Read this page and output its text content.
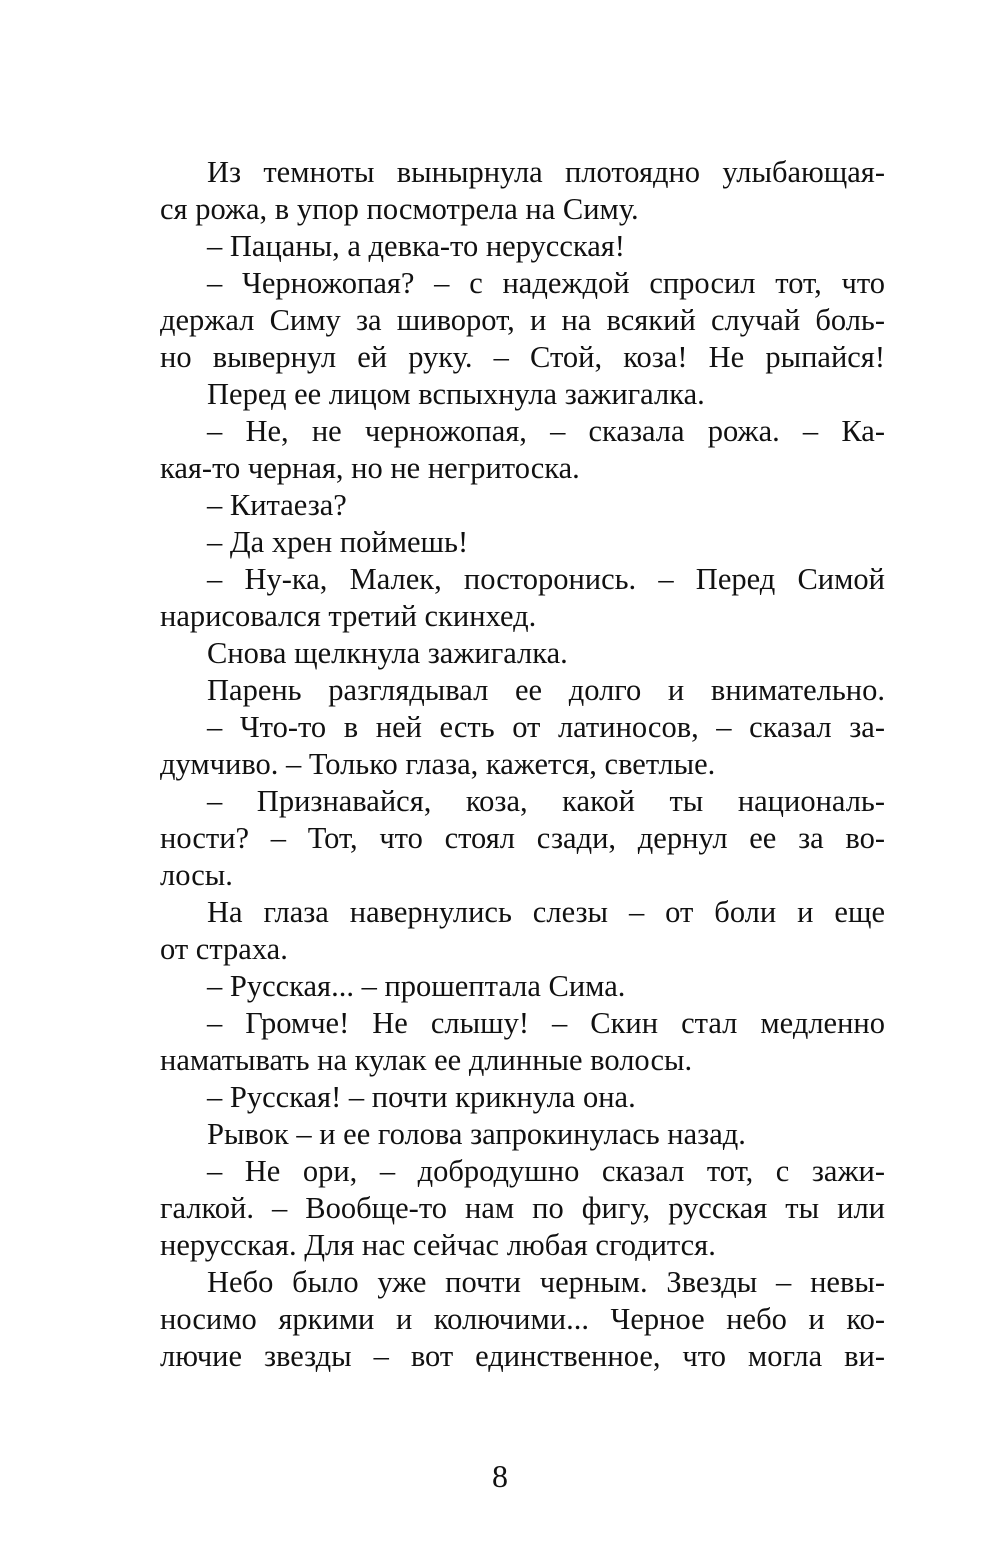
Из темноты вынырнула плотоядно улыбающая-
ся рожа, в упор посмотрела на Симу.
– Пацаны, а девка-то нерусская!
– Черножопая? – с надеждой спросил тот, что
держал Симу за шиворот, и на всякий случай боль-
но вывернул ей руку. – Стой, коза! Не рыпайся!
Перед ее лицом вспыхнула зажигалка.
– Не, не черножопая, – сказала рожа. – Ка-
кая-то черная, но не негритоска.
– Китаеза?
– Да хрен поймешь!
– Ну-ка, Малек, посторонись. – Перед Симой
нарисовался третий скинхед.
Снова щелкнула зажигалка.
Парень разглядывал ее долго и внимательно.
– Что-то в ней есть от латиносов, – сказал за-
думчиво. – Только глаза, кажется, светлые.
– Признавайся, коза, какой ты националь-
ности? – Тот, что стоял сзади, дернул ее за во-
лосы.
На глаза навернулись слезы – от боли и еще
от страха.
– Русская... – прошептала Сима.
– Громче! Не слышу! – Скин стал медленно
наматывать на кулак ее длинные волосы.
– Русская! – почти крикнула она.
Рывок – и ее голова запрокинулась назад.
– Не ори, – добродушно сказал тот, с зажи-
галкой. – Вообще-то нам по фигу, русская ты или
нерусская. Для нас сейчас любая сгодится.
Небо было уже почти черным. Звезды – невы-
носимо яркими и колючими... Черное небо и ко-
лючие звезды – вот единственное, что могла ви-
8
